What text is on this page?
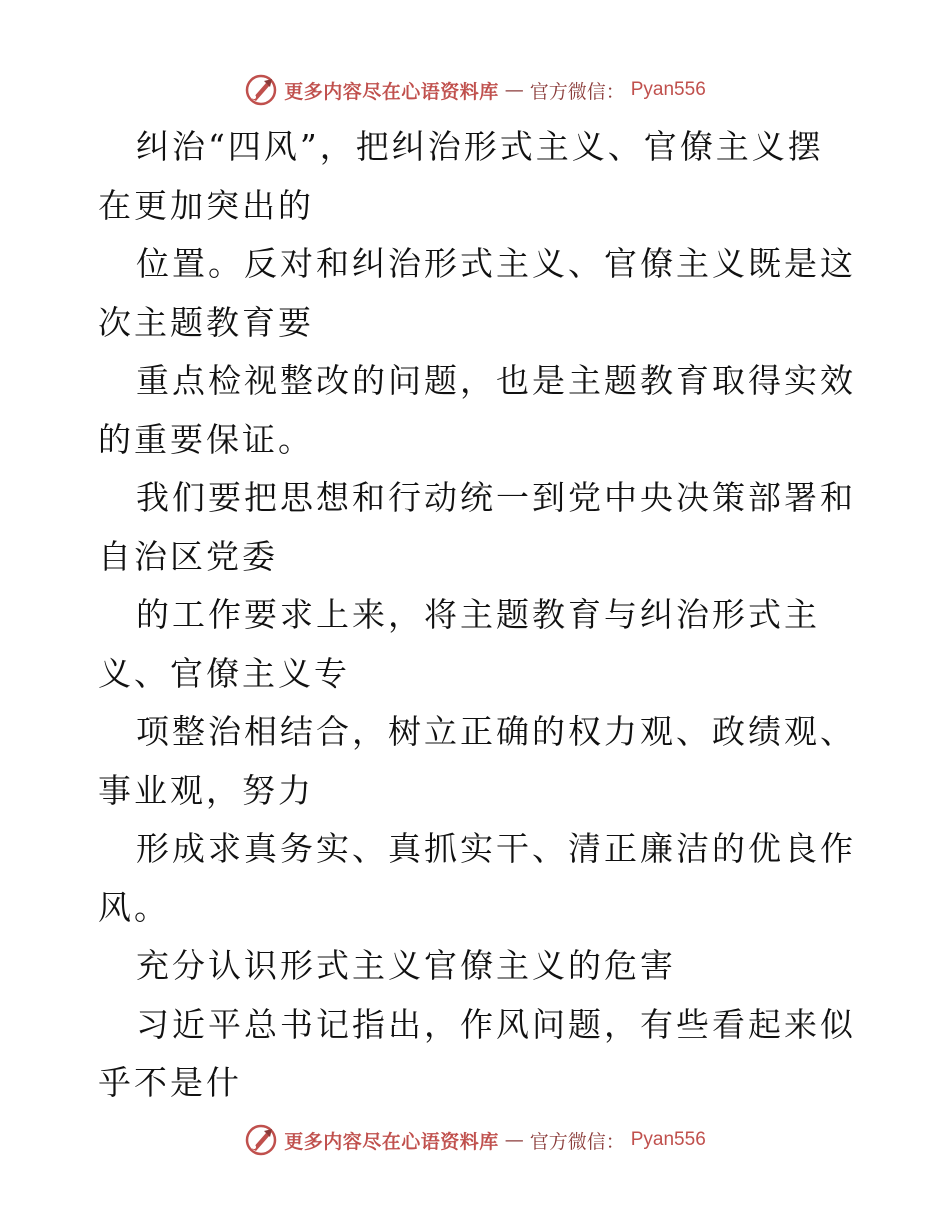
更多内容尽在心语资料库 — 官方微信： Pyan556

纠治“四风”，把纠治形式主义、官僚主义摆在更加突出的

位置。反对和纠治形式主义、官僚主义既是这次主题教育要

重点检视整改的问题，也是主题教育取得实效的重要保证。

我们要把思想和行动统一到党中央决策部署和自治区党委

的工作要求上来，将主题教育与纠治形式主义、官僚主义专

项整治相结合，树立正确的权力观、政绩观、事业观，努力

形成求真务实、真抓实干、清正廉洁的优良作风。

充分认识形式主义官僚主义的危害

习近平总书记指出，作风问题，有些看起来似乎不是什

更多内容尽在心语资料库 — 官方微信： Pyan556
